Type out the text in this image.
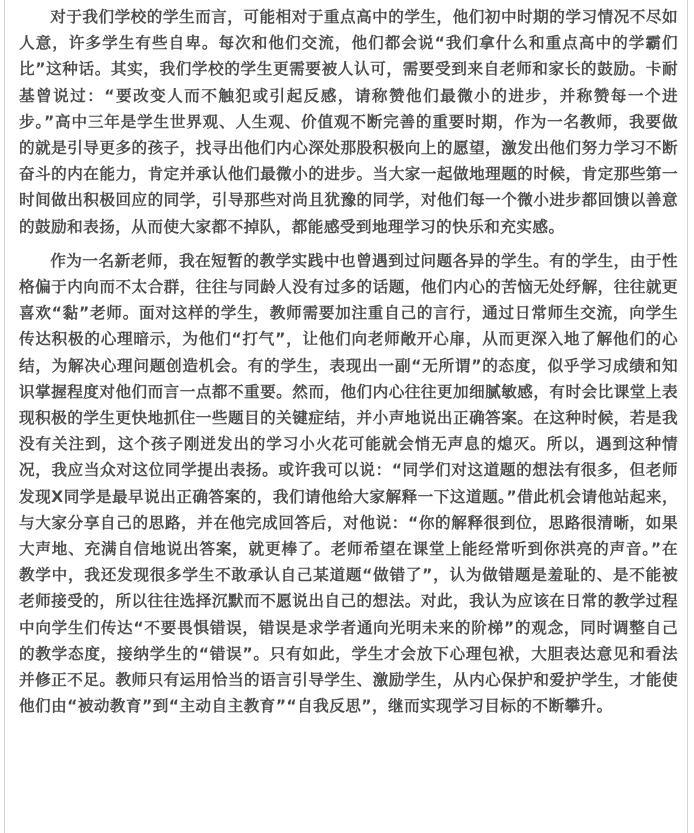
对于我们学校的学生而言，可能相对于重点高中的学生，他们初中时期的学习情况不尽如人意，许多学生有些自卑。每次和他们交流，他们都会说“我们拿什么和重点高中的学霸们比”这种话。其实，我们学校的学生更需要被人认可，需要受到来自老师和家长的鼓励。卡耐基曾说过：“要改变人而不触犯或引起反感，请称赞他们最微小的进步，并称赞每一个进步。”高中三年是学生世界观、人生观、价值观不断完善的重要时期，作为一名教师，我要做的就是引导更多的孩子，找寻出他们内心深处那股积极向上的愿望，激发出他们努力学习不断奋斗的内在能力，肯定并承认他们最微小的进步。当大家一起做地理题的时候，肯定那些第一时间做出积极回应的同学，引导那些对尚且犹豫的同学，对他们每一个微小进步都回馈以善意的鼓励和表扬，从而使大家都不掉队，都能感受到地理学习的快乐和充实感。

作为一名新老师，我在短暂的教学实践中也曾遇到过问题各异的学生。有的学生，由于性格偏于内向而不太合群，往往与同龄人没有过多的话题，他们内心的苦恼无处纾解，往往就更喜欢“黏”老师。面对这样的学生，教师需要加注重自己的言行，通过日常师生交流，向学生传达积极的心理暗示，为他们“打气”，让他们向老师敞开心扉，从而更深入地了解他们的心结，为解决心理问题创造机会。有的学生，表现出一副“无所谓”的态度，似乎学习成绩和知识掌握程度对他们而言一点都不重要。然而，他们内心往往更加细腻敏感，有时会比课堂上表现积极的学生更快地抓住一些题目的关键症结，并小声地说出正确答案。在这种时候，若是我没有关注到，这个孩子刚迸发出的学习小火花可能就会悄无声息的熄灭。所以，遇到这种情况，我应当众对这位同学提出表扬。或许我可以说：“同学们对这道题的想法有很多，但老师发现X同学是最早说出正确答案的，我们请他给大家解释一下这道题。”借此机会请他站起来，与大家分享自己的思路，并在他完成回答后，对他说：“你的解释很到位，思路很清晰，如果大声地、充满自信地说出答案，就更棒了。老师希望在课堂上能经常听到你洪亮的声音。”在教学中，我还发现很多学生不敢承认自己某道题“做错了”，认为做错题是羞耻的、是不能被老师接受的，所以往往选择沉默而不愿说出自己的想法。对此，我认为应该在日常的教学过程中向学生们传达“不要畏惧错误，错误是求学者通向光明未来的阶梯”的观念，同时调整自己的教学态度，接纳学生的“错误”。只有如此，学生才会放下心理包袱，大胆表达意见和看法并修正不足。教师只有运用恰当的语言引导学生、激励学生，从内心保护和爱护学生，才能使他们由“被动教育”到“主动自主教育”“自我反思”，继而实现学习目标的不断攀升。
